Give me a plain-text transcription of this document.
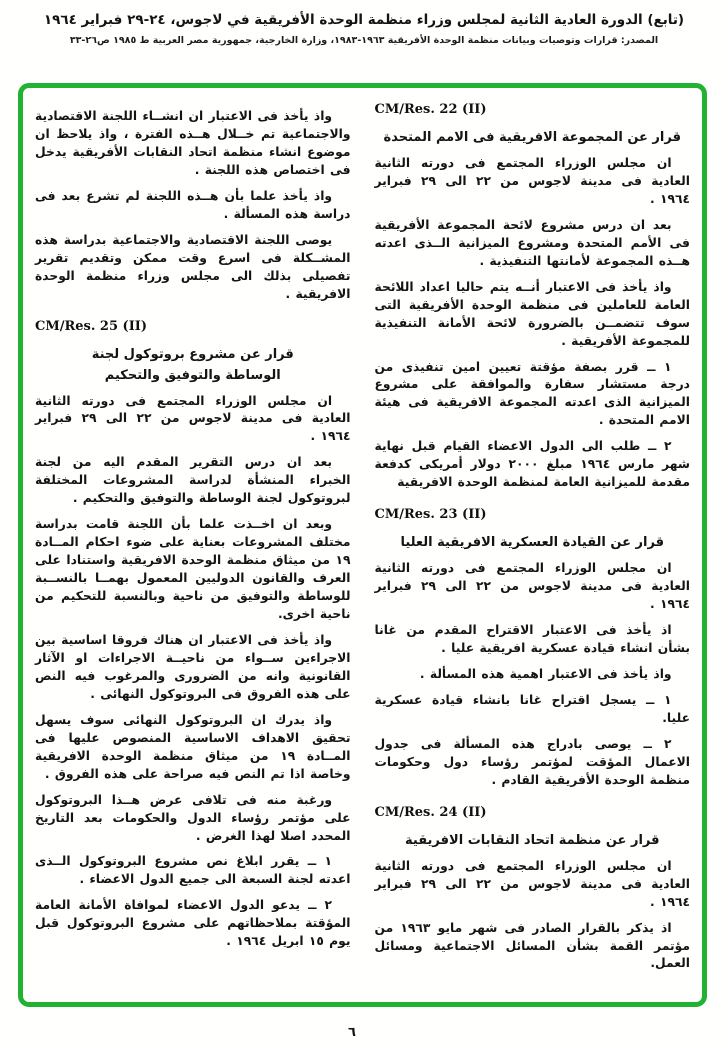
(تابع) الدورة العادية الثانية لمجلس وزراء منظمة الوحدة الأفريقية في لاجوس، ٢٤-٢٩ فبراير ١٩٦٤
المصدر: قرارات وتوصيات وبيانات منظمة الوحدة الأفريقية ١٩٦٣-١٩٨٣، وزارة الخارجية، جمهورية مصر العربية ط ١٩٨٥ ص٢٦-٣٣
CM/Res. 22 (II)
قرار عن المجموعة الافريقية فى الامم المتحدة

ان مجلس الوزراء المجتمع فى دورته الثانية العادية فى مدينة لاجوس من ٢٢ الى ٢٩ فبراير ١٩٦٤ .

بعد ان درس مشروع لائحة المجموعة الأفريقية فى الأمم المتحدة ومشروع الميزانية الــذى اعدته هــذه المجموعة لأمانتها التنفيذية .

واذ يأخذ فى الاعتبار أنــه يتم حاليا اعداد اللائحة العامة للعاملين فى منظمة الوحدة الأفريقية التى سوف تتضمــن بالضرورة لائحة الأمانة التنفيذية للمجموعة الأفريقية .

١ ــ قرر بصفة مؤقتة تعيين امين تنفيذى من درجة مستشار سفارة والموافقة على مشروع الميزانية الذى اعدته المجموعة الافريقية فى هيئة الامم المتحدة .

٢ ــ طلب الى الدول الاعضاء القيام قبل نهاية شهر مارس ١٩٦٤ مبلغ ٢٠٠٠ دولار أمريكى كدفعة مقدمة للميزانية العامة لمنظمة الوحدة الافريقية

CM/Res. 23 (II)
قرار عن القيادة العسكرية الافريقية العليا

ان مجلس الوزراء المجتمع فى دورته الثانية العادية فى مدينة لاجوس من ٢٢ الى ٢٩ فبراير ١٩٦٤ .

اذ يأخذ فى الاعتبار الاقتراح المقدم من غانا بشأن انشاء قيادة عسكرية افريقية عليا .

واذ يأخذ فى الاعتبار اهمية هذه المسألة .

١ ــ يسجل اقتراح غانا بانشاء قيادة عسكرية عليا.

٢ ــ يوصى بادراج هذه المسألة فى جدول الاعمال المؤقت لمؤتمر رؤساء دول وحكومات منظمة الوحدة الأفريقية القادم .

CM/Res. 24 (II)
قرار عن منظمة اتحاد النقابات الافريقية

ان مجلس الوزراء المجتمع فى دورته الثانية العادية فى مدينة لاجوس من ٢٢ الى ٢٩ فبراير ١٩٦٤ .

اذ يذكر بالقرار الصادر فى شهر مايو ١٩٦٣ من مؤتمر القمة بشأن المسائل الاجتماعية ومسائل العمل.

واذ يأخذ فى الاعتبار ان انشــاء اللجنة الاقتصادية والاجتماعية تم خــلال هــذه الفترة ، واذ يلاحظ ان موضوع انشاء منظمة اتحاد النقابات الأفريقية يدخل فى اختصاص هذه اللجنة .

واذ يأخذ علما بأن هــذه اللجنة لم تشرع بعد فى دراسة هذه المسألة .

يوصى اللجنة الاقتصادية والاجتماعية بدراسة هذه المشــكلة فى اسرع وقت ممكن وتقديم تقرير تفصيلى بذلك الى مجلس وزراء منظمة الوحدة الافريقية .

CM/Res. 25 (II)
قرار عن مشروع بروتوكول لجنة
الوساطة والتوفيق والتحكيم

ان مجلس الوزراء المجتمع فى دورته الثانية العادية فى مدينة لاجوس من ٢٢ الى ٢٩ فبراير ١٩٦٤ .

بعد ان درس التقرير المقدم اليه من لجنة الخبراء المنشأة لدراسة المشروعات المختلفة لبروتوكول لجنة الوساطة والتوفيق والتحكيم .

وبعد ان اخــذت علما بأن اللجنة قامت بدراسة مختلف المشروعات بعناية على ضوء احكام المــادة ١٩ من ميثاق منظمة الوحدة الافريقية واستنادا على العرف والقانون الدوليين المعمول بهمــا بالنســبة للوساطة والتوفيق من ناحية وبالنسبة للتحكيم من ناحية اخرى.

واذ يأخذ فى الاعتبار ان هناك فروقا اساسية بين الاجراءين ســواء من ناحيــة الاجراءات او الآثار القانونية وانه من الضرورى والمرغوب فيه النص على هذه الفروق فى البروتوكول النهائى .

واذ يدرك ان البروتوكول النهائى سوف يسهل تحقيق الاهداف الاساسية المنصوص عليها فى المــادة ١٩ من ميثاق منظمة الوحدة الافريقية وخاصة اذا تم النص فيه صراحة على هذه الفروق .

ورغبة منه فى تلافى عرض هــذا البروتوكول على مؤتمر رؤساء الدول والحكومات بعد التاريخ المحدد اصلا لهذا الغرض .

١ ــ يقرر ابلاغ نص مشروع البروتوكول الــذى اعدته لجنة السبعة الى جميع الدول الاعضاء .

٢ ــ يدعو الدول الاعضاء لموافاة الأمانة العامة المؤقتة بملاحظاتهم على مشروع البروتوكول قبل يوم ١٥ ابريل ١٩٦٤ .

٦
